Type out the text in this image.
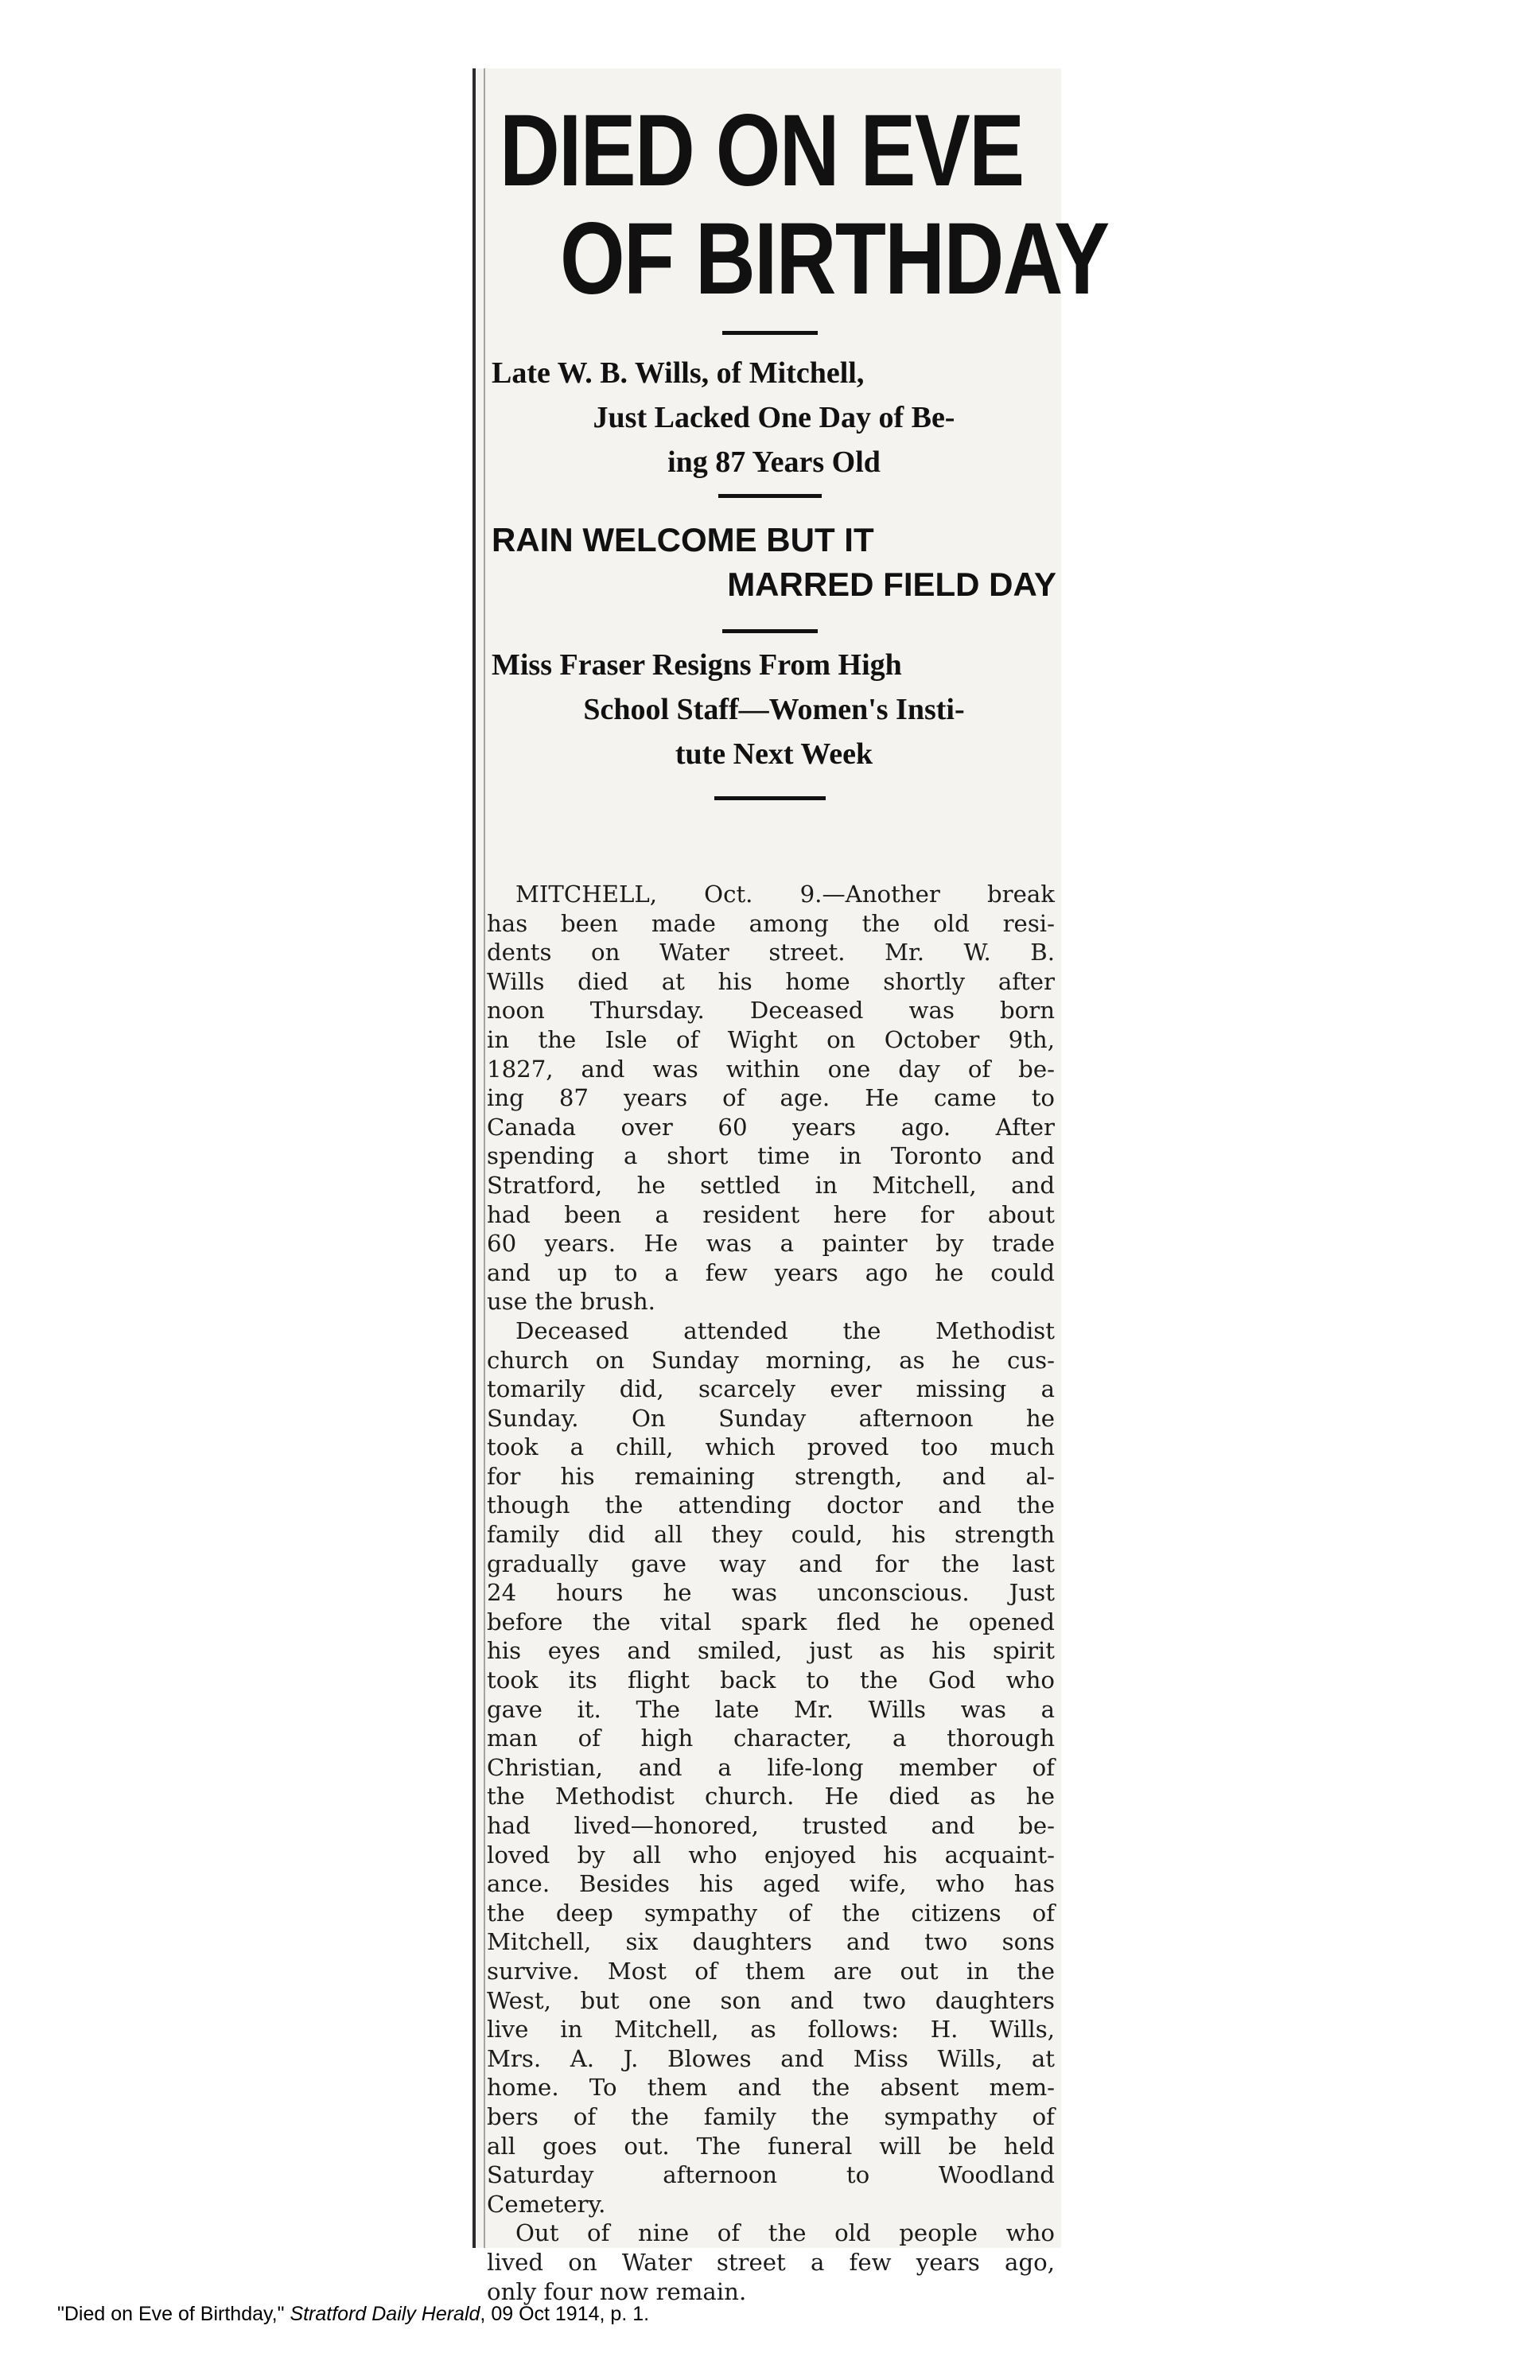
DIED ON EVE
OF BIRTHDAY
Late W. B. Wills, of Mitchell,
Just Lacked One Day of Be-
ing 87 Years Old
RAIN WELCOME BUT IT
MARRED FIELD DAY
Miss Fraser Resigns From High
School Staff—Women's Insti-
tute Next Week
MITCHELL, Oct. 9.—Another break
has been made among the old resi-
dents on Water street. Mr. W. B.
Wills died at his home shortly after
noon Thursday. Deceased was born
in the Isle of Wight on October 9th,
1827, and was within one day of be-
ing 87 years of age. He came to
Canada over 60 years ago. After
spending a short time in Toronto and
Stratford, he settled in Mitchell, and
had been a resident here for about
60 years. He was a painter by trade
and up to a few years ago he could
use the brush.
Deceased attended the Methodist
church on Sunday morning, as he cus-
tomarily did, scarcely ever missing a
Sunday. On Sunday afternoon he
took a chill, which proved too much
for his remaining strength, and al-
though the attending doctor and the
family did all they could, his strength
gradually gave way and for the last
24 hours he was unconscious. Just
before the vital spark fled he opened
his eyes and smiled, just as his spirit
took its flight back to the God who
gave it. The late Mr. Wills was a
man of high character, a thorough
Christian, and a life-long member of
the Methodist church. He died as he
had lived—honored, trusted and be-
loved by all who enjoyed his acquaint-
ance. Besides his aged wife, who has
the deep sympathy of the citizens of
Mitchell, six daughters and two sons
survive. Most of them are out in the
West, but one son and two daughters
live in Mitchell, as follows: H. Wills,
Mrs. A. J. Blowes and Miss Wills, at
home. To them and the absent mem-
bers of the family the sympathy of
all goes out. The funeral will be held
Saturday afternoon to Woodland
Cemetery.
Out of nine of the old people who
lived on Water street a few years ago,
only four now remain.
"Died on Eve of Birthday," Stratford Daily Herald, 09 Oct 1914, p. 1.
